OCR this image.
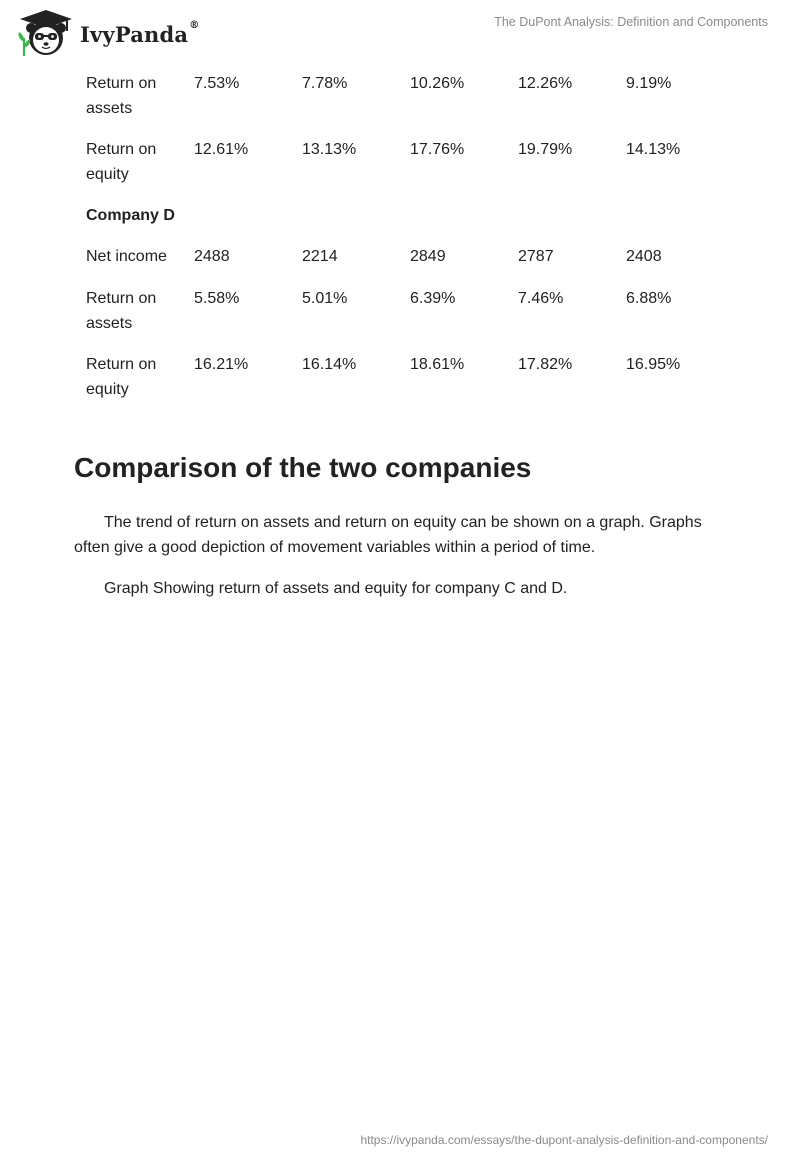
IvyPanda®	The DuPont Analysis: Definition and Components
Return on assets	7.53%	7.78%	10.26%	12.26%	9.19%
Return on equity	12.61%	13.13%	17.76%	19.79%	14.13%
Company D					
Net income	2488	2214	2849	2787	2408
Return on assets	5.58%	5.01%	6.39%	7.46%	6.88%
Return on equity	16.21%	16.14%	18.61%	17.82%	16.95%
Comparison of the two companies

The trend of return on assets and return on equity can be shown on a graph. Graphs often give a good depiction of movement variables within a period of time.

Graph Showing return of assets and equity for company C and D.

https://ivypanda.com/essays/the-dupont-analysis-definition-and-components/
